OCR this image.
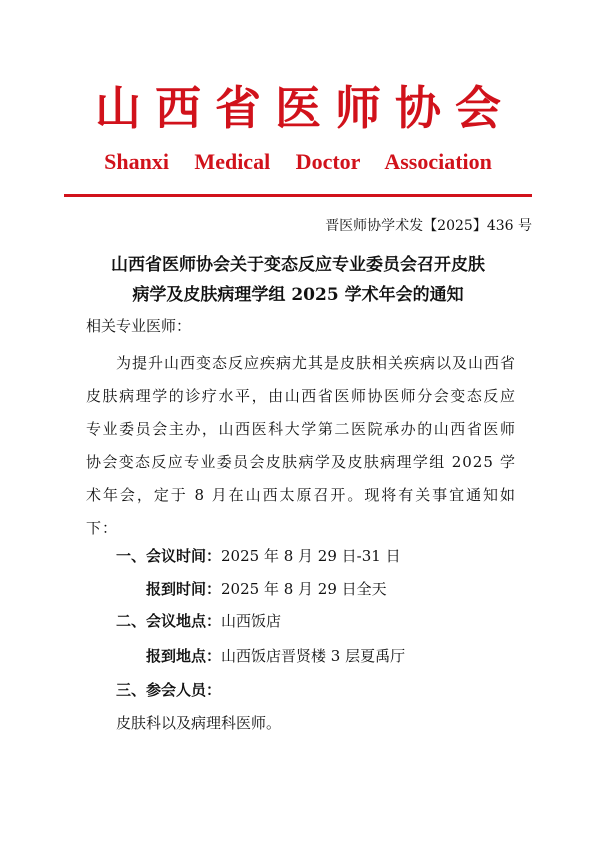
山西省医师协会
Shanxi Medical Doctor Association
晋医师协学术发【2025】436 号
山西省医师协会关于变态反应专业委员会召开皮肤
病学及皮肤病理学组 2025 学术年会的通知
相关专业医师：
为提升山西变态反应疾病尤其是皮肤相关疾病以及山西省皮肤病理学的诊疗水平，由山西省医师协医师分会变态反应专业委员会主办，山西医科大学第二医院承办的山西省医师协会变态反应专业委员会皮肤病学及皮肤病理学组 2025 学术年会，定于 8 月在山西太原召开。现将有关事宜通知如下：
一、会议时间：2025 年 8 月 29 日-31 日
报到时间：2025 年 8 月 29 日全天
二、会议地点：山西饭店
报到地点：山西饭店晋贤楼 3 层夏禹厅
三、参会人员：
皮肤科以及病理科医师。
